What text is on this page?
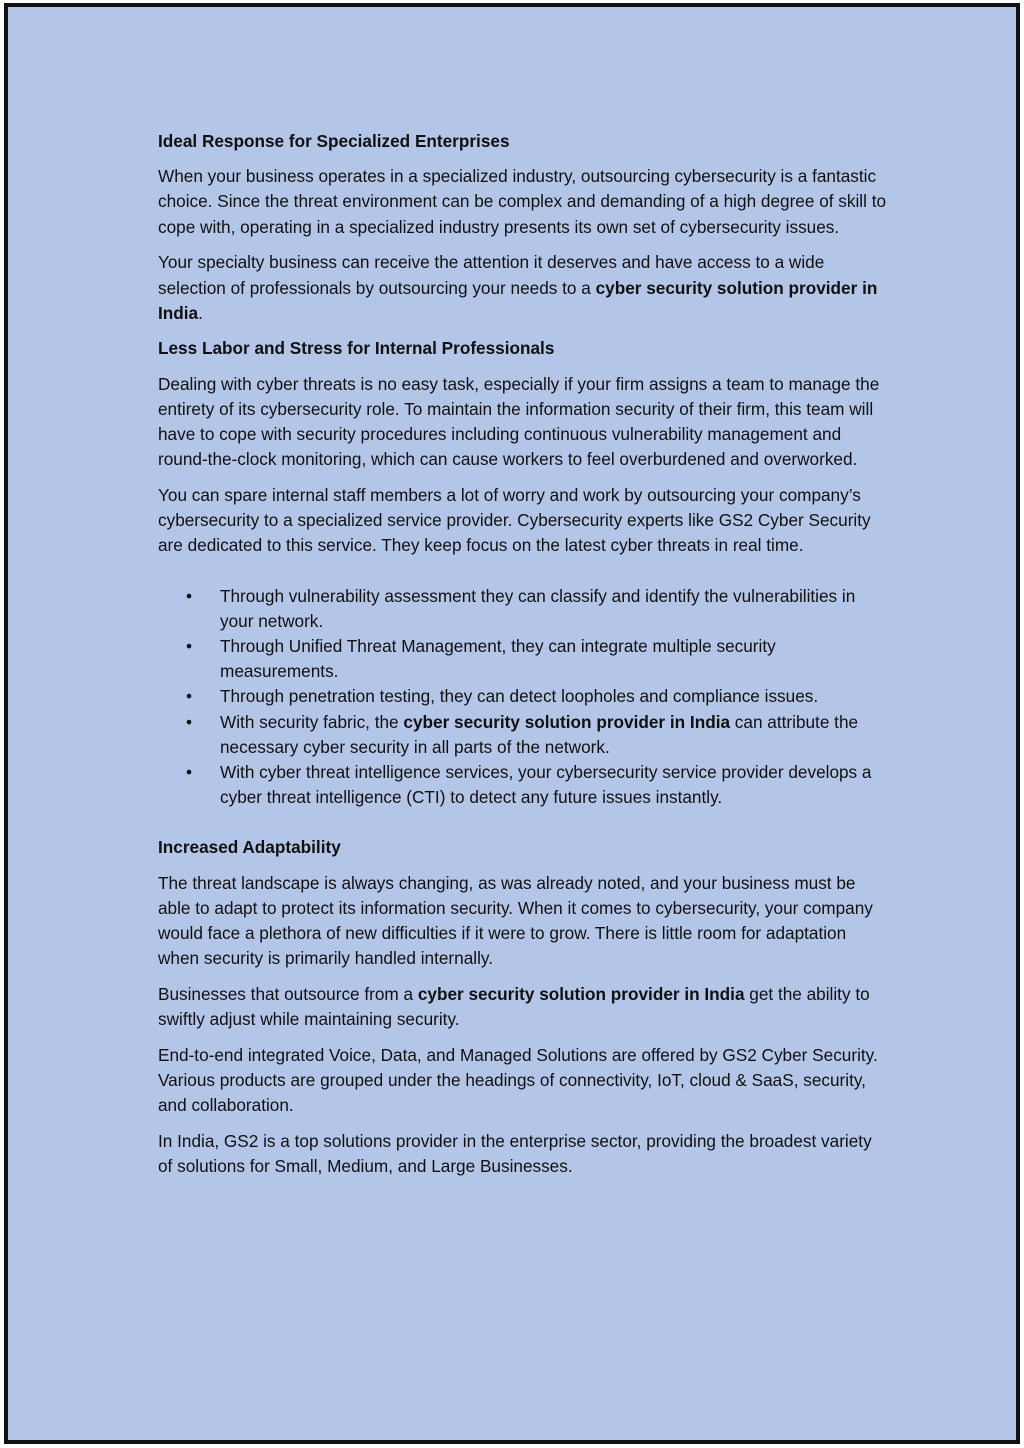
Ideal Response for Specialized Enterprises

When your business operates in a specialized industry, outsourcing cybersecurity is a fantastic choice. Since the threat environment can be complex and demanding of a high degree of skill to cope with, operating in a specialized industry presents its own set of cybersecurity issues.

Your specialty business can receive the attention it deserves and have access to a wide selection of professionals by outsourcing your needs to a cyber security solution provider in India.

Less Labor and Stress for Internal Professionals

Dealing with cyber threats is no easy task, especially if your firm assigns a team to manage the entirety of its cybersecurity role. To maintain the information security of their firm, this team will have to cope with security procedures including continuous vulnerability management and round-the-clock monitoring, which can cause workers to feel overburdened and overworked.

You can spare internal staff members a lot of worry and work by outsourcing your company’s cybersecurity to a specialized service provider. Cybersecurity experts like GS2 Cyber Security are dedicated to this service. They keep focus on the latest cyber threats in real time.

• Through vulnerability assessment they can classify and identify the vulnerabilities in your network.
• Through Unified Threat Management, they can integrate multiple security measurements.
• Through penetration testing, they can detect loopholes and compliance issues.
• With security fabric, the cyber security solution provider in India can attribute the necessary cyber security in all parts of the network.
• With cyber threat intelligence services, your cybersecurity service provider develops a cyber threat intelligence (CTI) to detect any future issues instantly.
Increased Adaptability

The threat landscape is always changing, as was already noted, and your business must be able to adapt to protect its information security. When it comes to cybersecurity, your company would face a plethora of new difficulties if it were to grow. There is little room for adaptation when security is primarily handled internally.

Businesses that outsource from a cyber security solution provider in India get the ability to swiftly adjust while maintaining security.

End-to-end integrated Voice, Data, and Managed Solutions are offered by GS2 Cyber Security. Various products are grouped under the headings of connectivity, IoT, cloud & SaaS, security, and collaboration.

In India, GS2 is a top solutions provider in the enterprise sector, providing the broadest variety of solutions for Small, Medium, and Large Businesses.
